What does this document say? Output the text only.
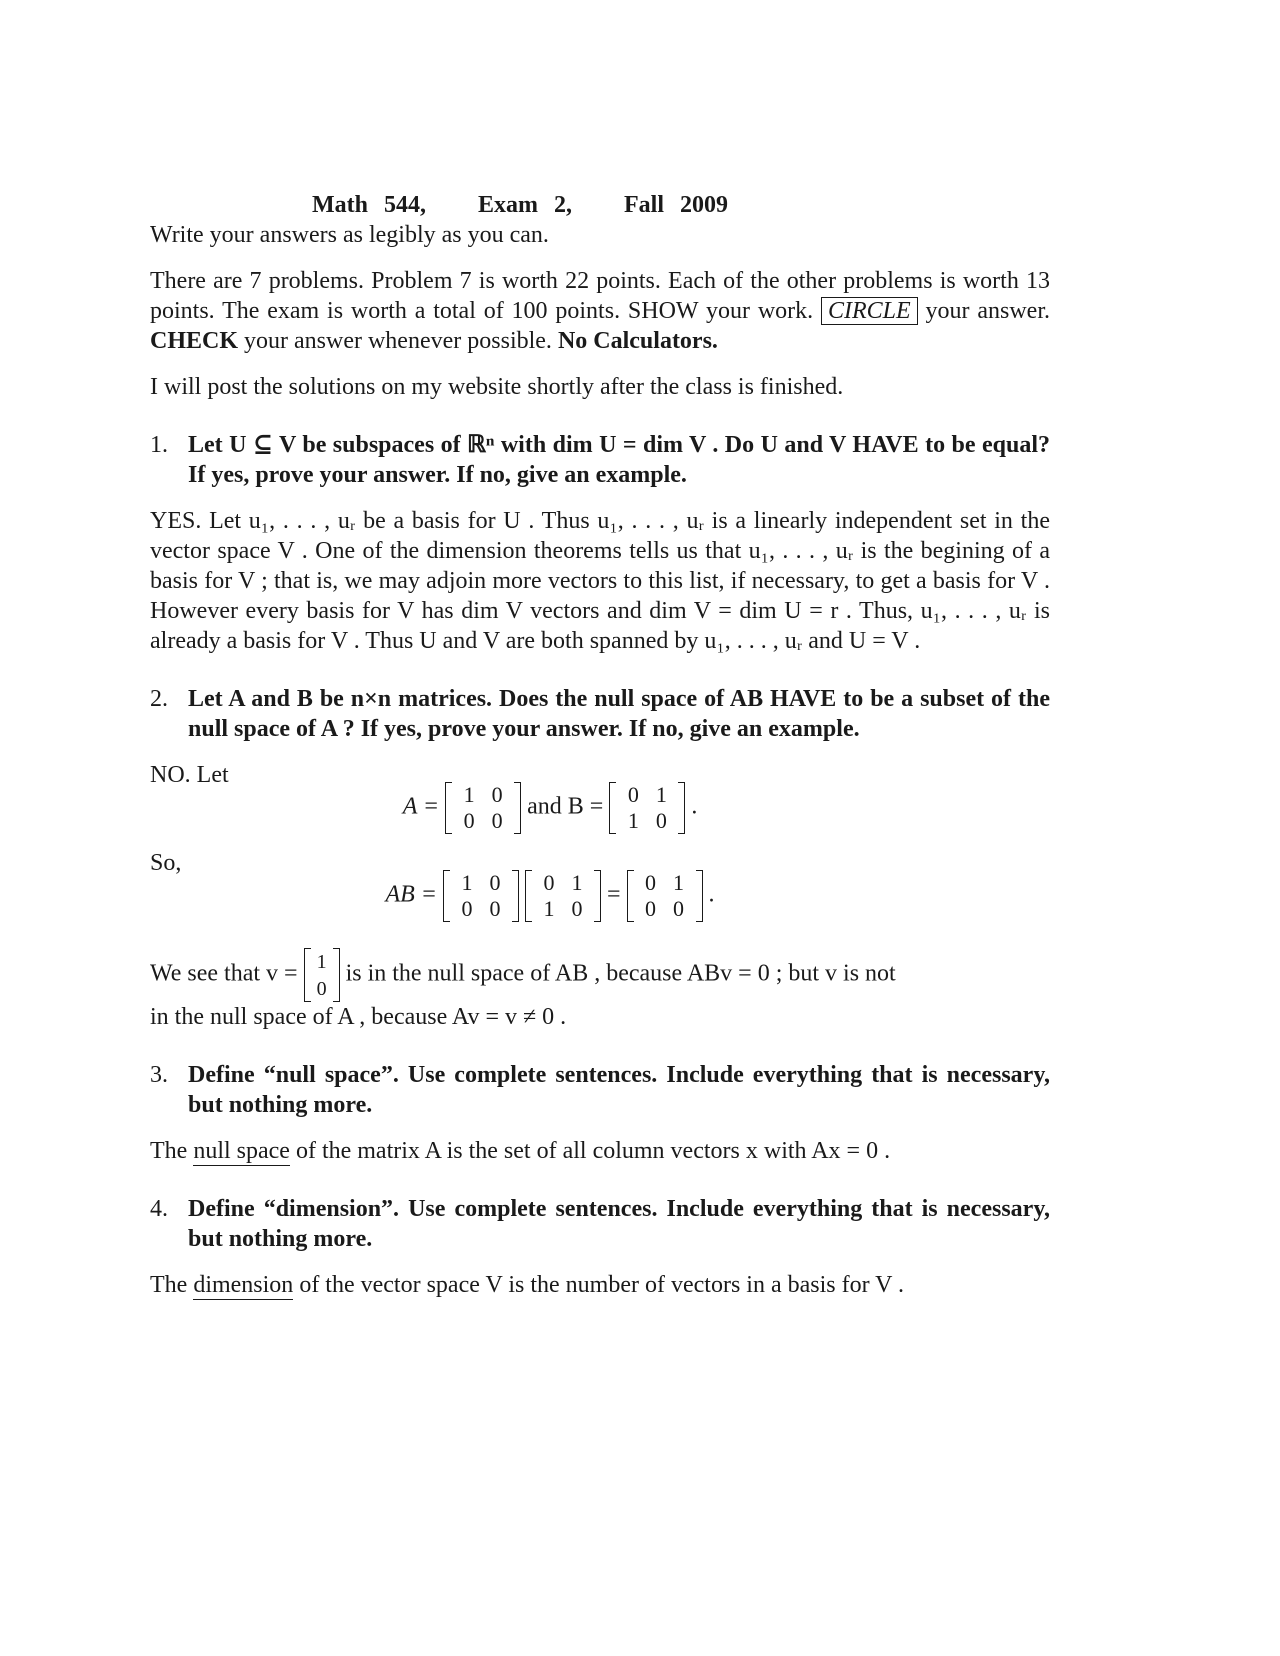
Math 544, Exam 2, Fall 2009

Write your answers as legibly as you can.

There are 7 problems. Problem 7 is worth 22 points. Each of the other problems is worth 13 points. The exam is worth a total of 100 points. SHOW your work. CIRCLE your answer. CHECK your answer whenever possible. No Calculators.

I will post the solutions on my website shortly after the class is finished.

1. Let U ⊆ V be subspaces of ℝⁿ with dim U = dim V . Do U and V HAVE to be equal? If yes, prove your answer. If no, give an example.

YES. Let u₁, . . . , uᵣ be a basis for U . Thus u₁, . . . , uᵣ is a linearly independent set in the vector space V . One of the dimension theorems tells us that u₁, . . . , uᵣ is the begining of a basis for V ; that is, we may adjoin more vectors to this list, if necessary, to get a basis for V . However every basis for V has dim V vectors and dim V = dim U = r . Thus, u₁, . . . , uᵣ is already a basis for V . Thus U and V are both spanned by u₁, . . . , uᵣ and U = V .

2. Let A and B be n×n matrices. Does the null space of AB HAVE to be a subset of the null space of A ? If yes, prove your answer. If no, give an example.

NO. Let

A =	1 0
0 0
and B =	0 1
1 0
.

So,

AB =	1 0
0 0

0 1
1 0
=	0 1
0 0
.

We see that v = 1
0
is in the null space of AB , because ABv = 0 ; but v is not

in the null space of A , because Av = v ≠ 0 .

3. Define “null space”. Use complete sentences. Include everything that is necessary, but nothing more.

The null space of the matrix A is the set of all column vectors x with Ax = 0 .

4. Define “dimension”. Use complete sentences. Include everything that is necessary, but nothing more.

The dimension of the vector space V is the number of vectors in a basis for V .
